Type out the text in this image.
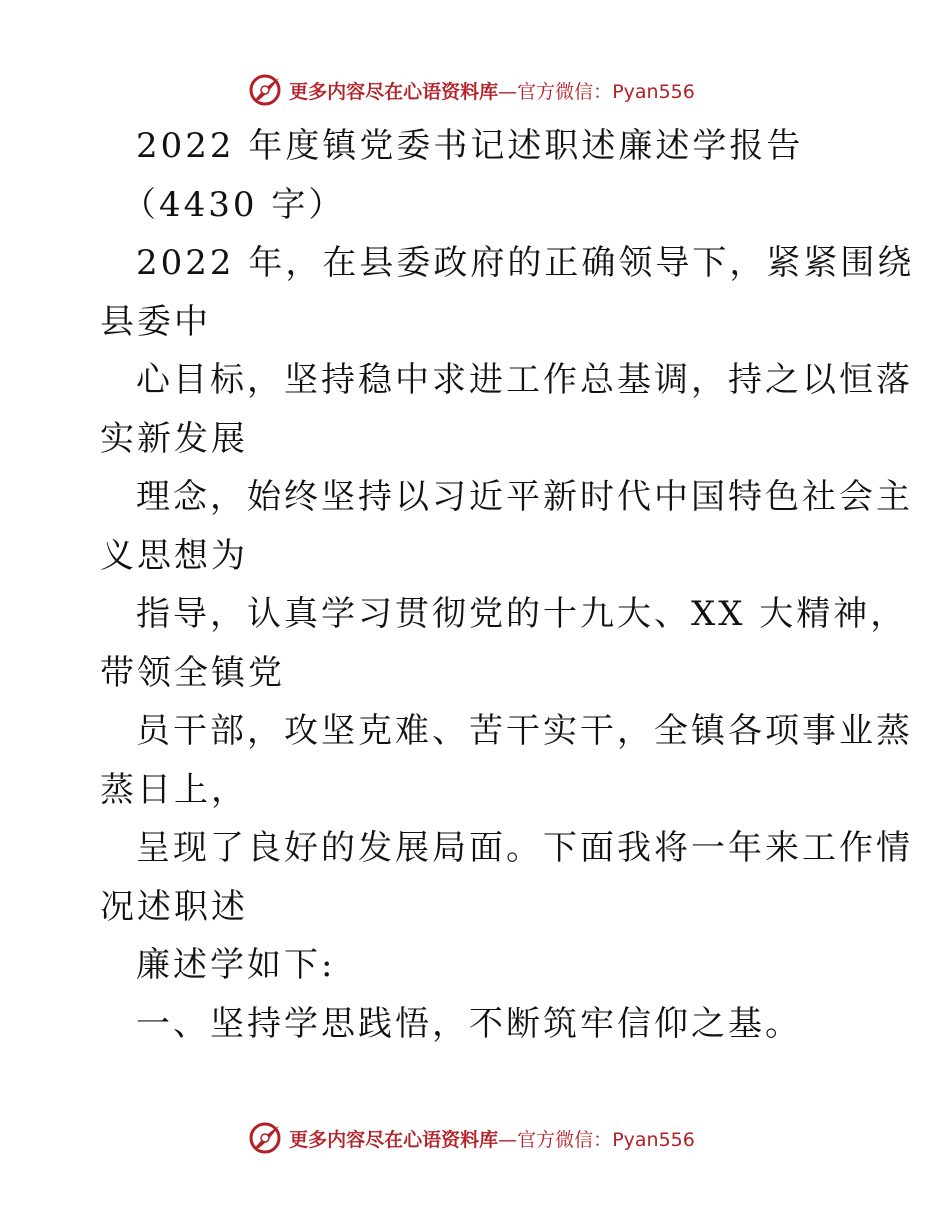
更多内容尽在心语资料库—官方微信：Pyan556
2022 年度镇党委书记述职述廉述学报告
（4430 字）
2022 年，在县委政府的正确领导下，紧紧围绕
县委中
心目标，坚持稳中求进工作总基调，持之以恒落
实新发展
理念，始终坚持以习近平新时代中国特色社会主
义思想为
指导，认真学习贯彻党的十九大、XX 大精神，
带领全镇党
员干部，攻坚克难、苦干实干，全镇各项事业蒸
蒸日上，
呈现了良好的发展局面。下面我将一年来工作情
况述职述
廉述学如下:
一、坚持学思践悟，不断筑牢信仰之基。
更多内容尽在心语资料库—官方微信：Pyan556
